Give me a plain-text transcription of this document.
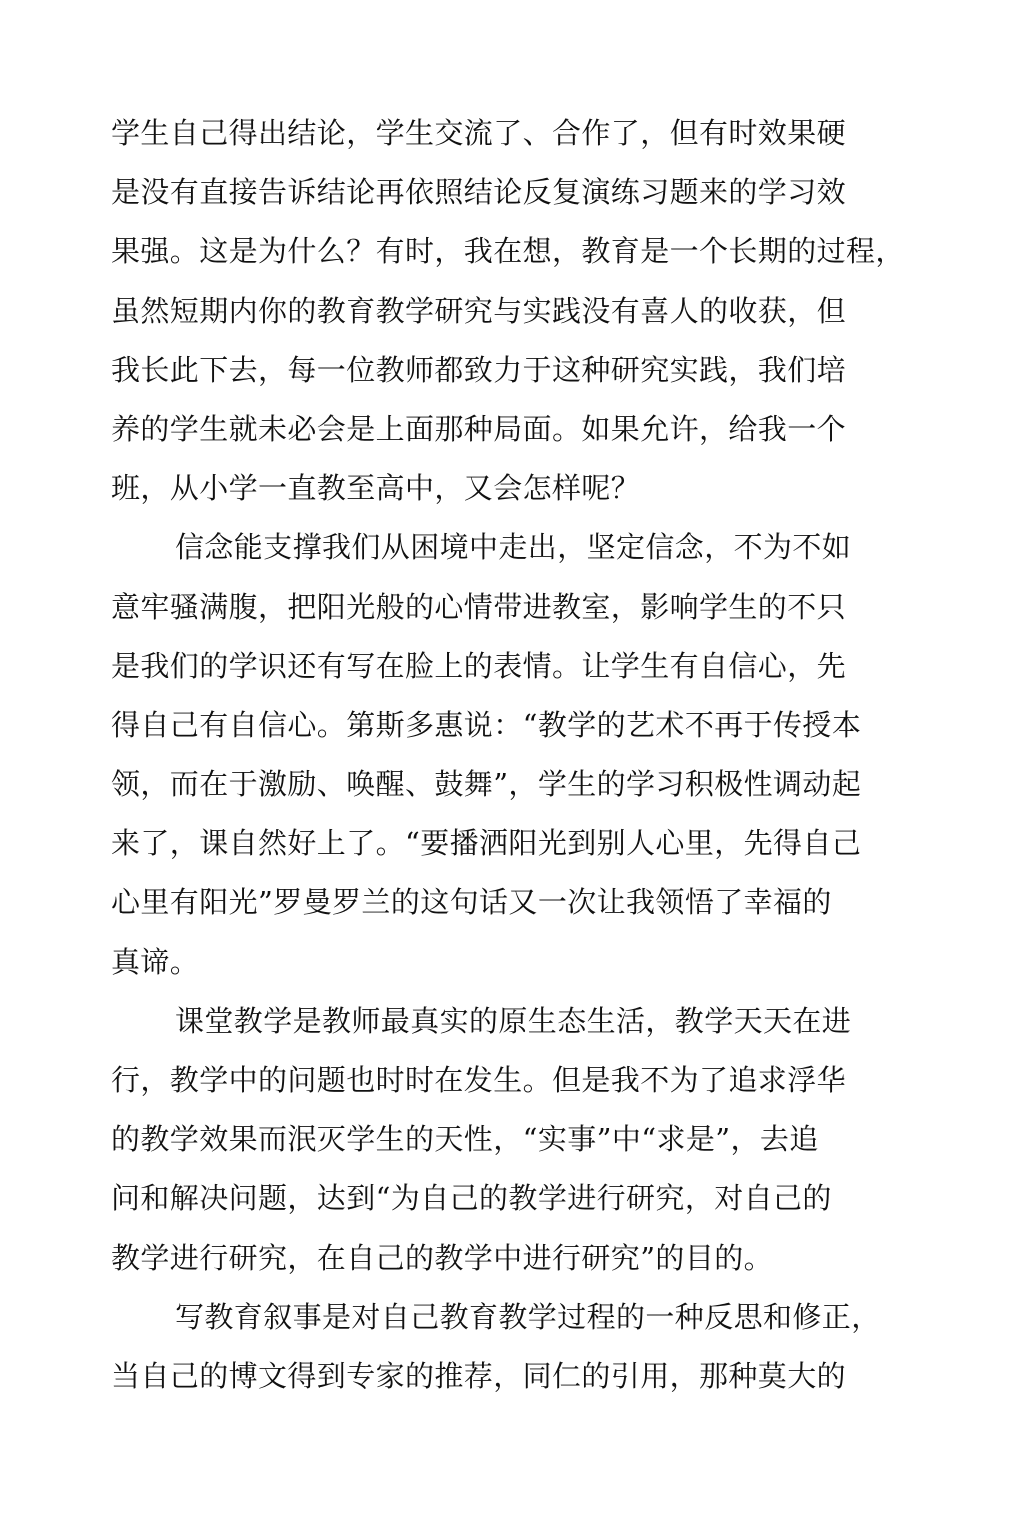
学生自己得出结论，学生交流了、合作了，但有时效果硬
是没有直接告诉结论再依照结论反复演练习题来的学习效
果强。这是为什么？有时，我在想，教育是一个长期的过程，
虽然短期内你的教育教学研究与实践没有喜人的收获，但
我长此下去，每一位教师都致力于这种研究实践，我们培
养的学生就未必会是上面那种局面。如果允许，给我一个
班，从小学一直教至高中，又会怎样呢？
信念能支撑我们从困境中走出，坚定信念，不为不如
意牢骚满腹，把阳光般的心情带进教室，影响学生的不只
是我们的学识还有写在脸上的表情。让学生有自信心，先
得自己有自信心。第斯多惠说：“教学的艺术不再于传授本
领，而在于激励、唤醒、鼓舞”，学生的学习积极性调动起
来了，课自然好上了。“要播洒阳光到别人心里，先得自己
心里有阳光”罗曼罗兰的这句话又一次让我领悟了幸福的
真谛。
课堂教学是教师最真实的原生态生活，教学天天在进
行，教学中的问题也时时在发生。但是我不为了追求浮华
的教学效果而泯灭学生的天性，“实事”中“求是”，去追
问和解决问题，达到“为自己的教学进行研究，对自己的
教学进行研究，在自己的教学中进行研究”的目的。
写教育叙事是对自己教育教学过程的一种反思和修正，
当自己的博文得到专家的推荐，同仁的引用，那种莫大的
